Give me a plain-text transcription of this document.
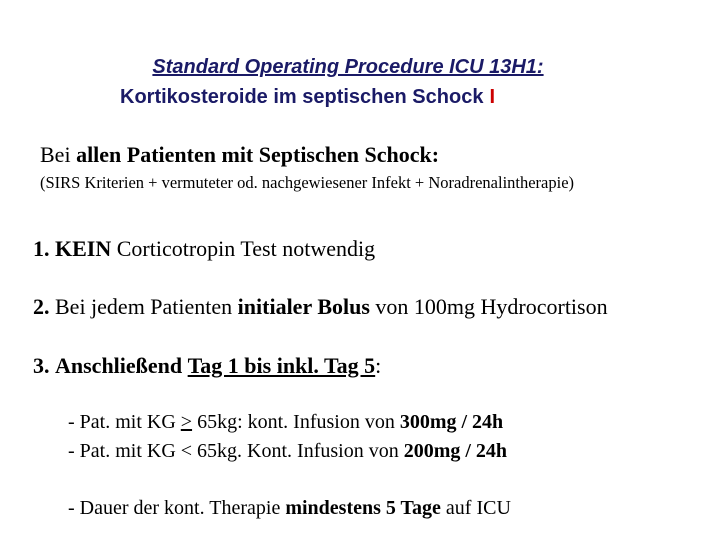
Standard Operating Procedure ICU 13H1:
Kortikosteroide im septischen Schock I
Bei allen Patienten mit Septischen Schock:
(SIRS Kriterien + vermuteter od. nachgewiesener Infekt + Noradrenalintherapie)
1. KEIN Corticotropin Test notwendig
2. Bei jedem Patienten initialer Bolus von 100mg Hydrocortison
3. Anschließend Tag 1 bis inkl. Tag 5:
- Pat. mit KG > 65kg: kont. Infusion von 300mg / 24h
- Pat. mit KG < 65kg. Kont. Infusion von 200mg / 24h
- Dauer der kont. Therapie mindestens 5 Tage auf ICU
